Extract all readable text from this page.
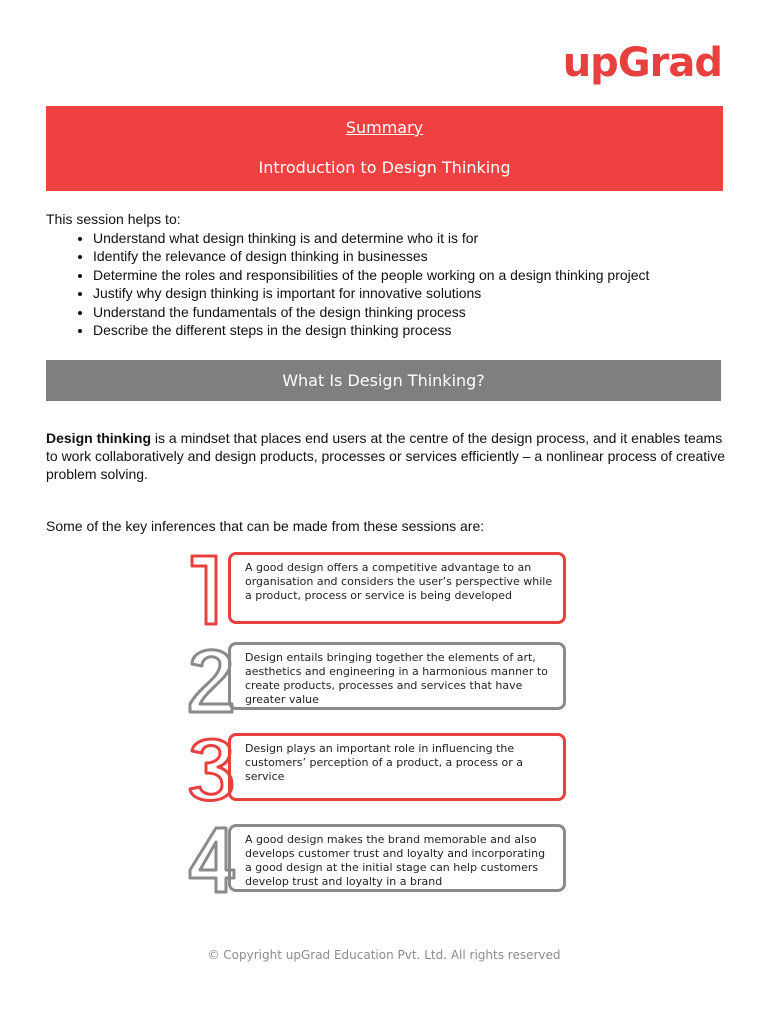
upGrad
Summary
Introduction to Design Thinking
This session helps to:
• Understand what design thinking is and determine who it is for
• Identify the relevance of design thinking in businesses
• Determine the roles and responsibilities of the people working on a design thinking project
• Justify why design thinking is important for innovative solutions
• Understand the fundamentals of the design thinking process
• Describe the different steps in the design thinking process
What Is Design Thinking?
Design thinking is a mindset that places end users at the centre of the design process, and it enables teams to work collaboratively and design products, processes or services efficiently – a nonlinear process of creative problem solving.
Some of the key inferences that can be made from these sessions are:

A good design offers a competitive advantage to an organisation and considers the user’s perspective while a product, process or service is being developed

Design entails bringing together the elements of art, aesthetics and engineering in a harmonious manner to create products, processes and services that have greater value

Design plays an important role in influencing the customers’ perception of a product, a process or a service

A good design makes the brand memorable and also develops customer trust and loyalty and incorporating a good design at the initial stage can help customers develop trust and loyalty in a brand

© Copyright upGrad Education Pvt. Ltd. All rights reserved
